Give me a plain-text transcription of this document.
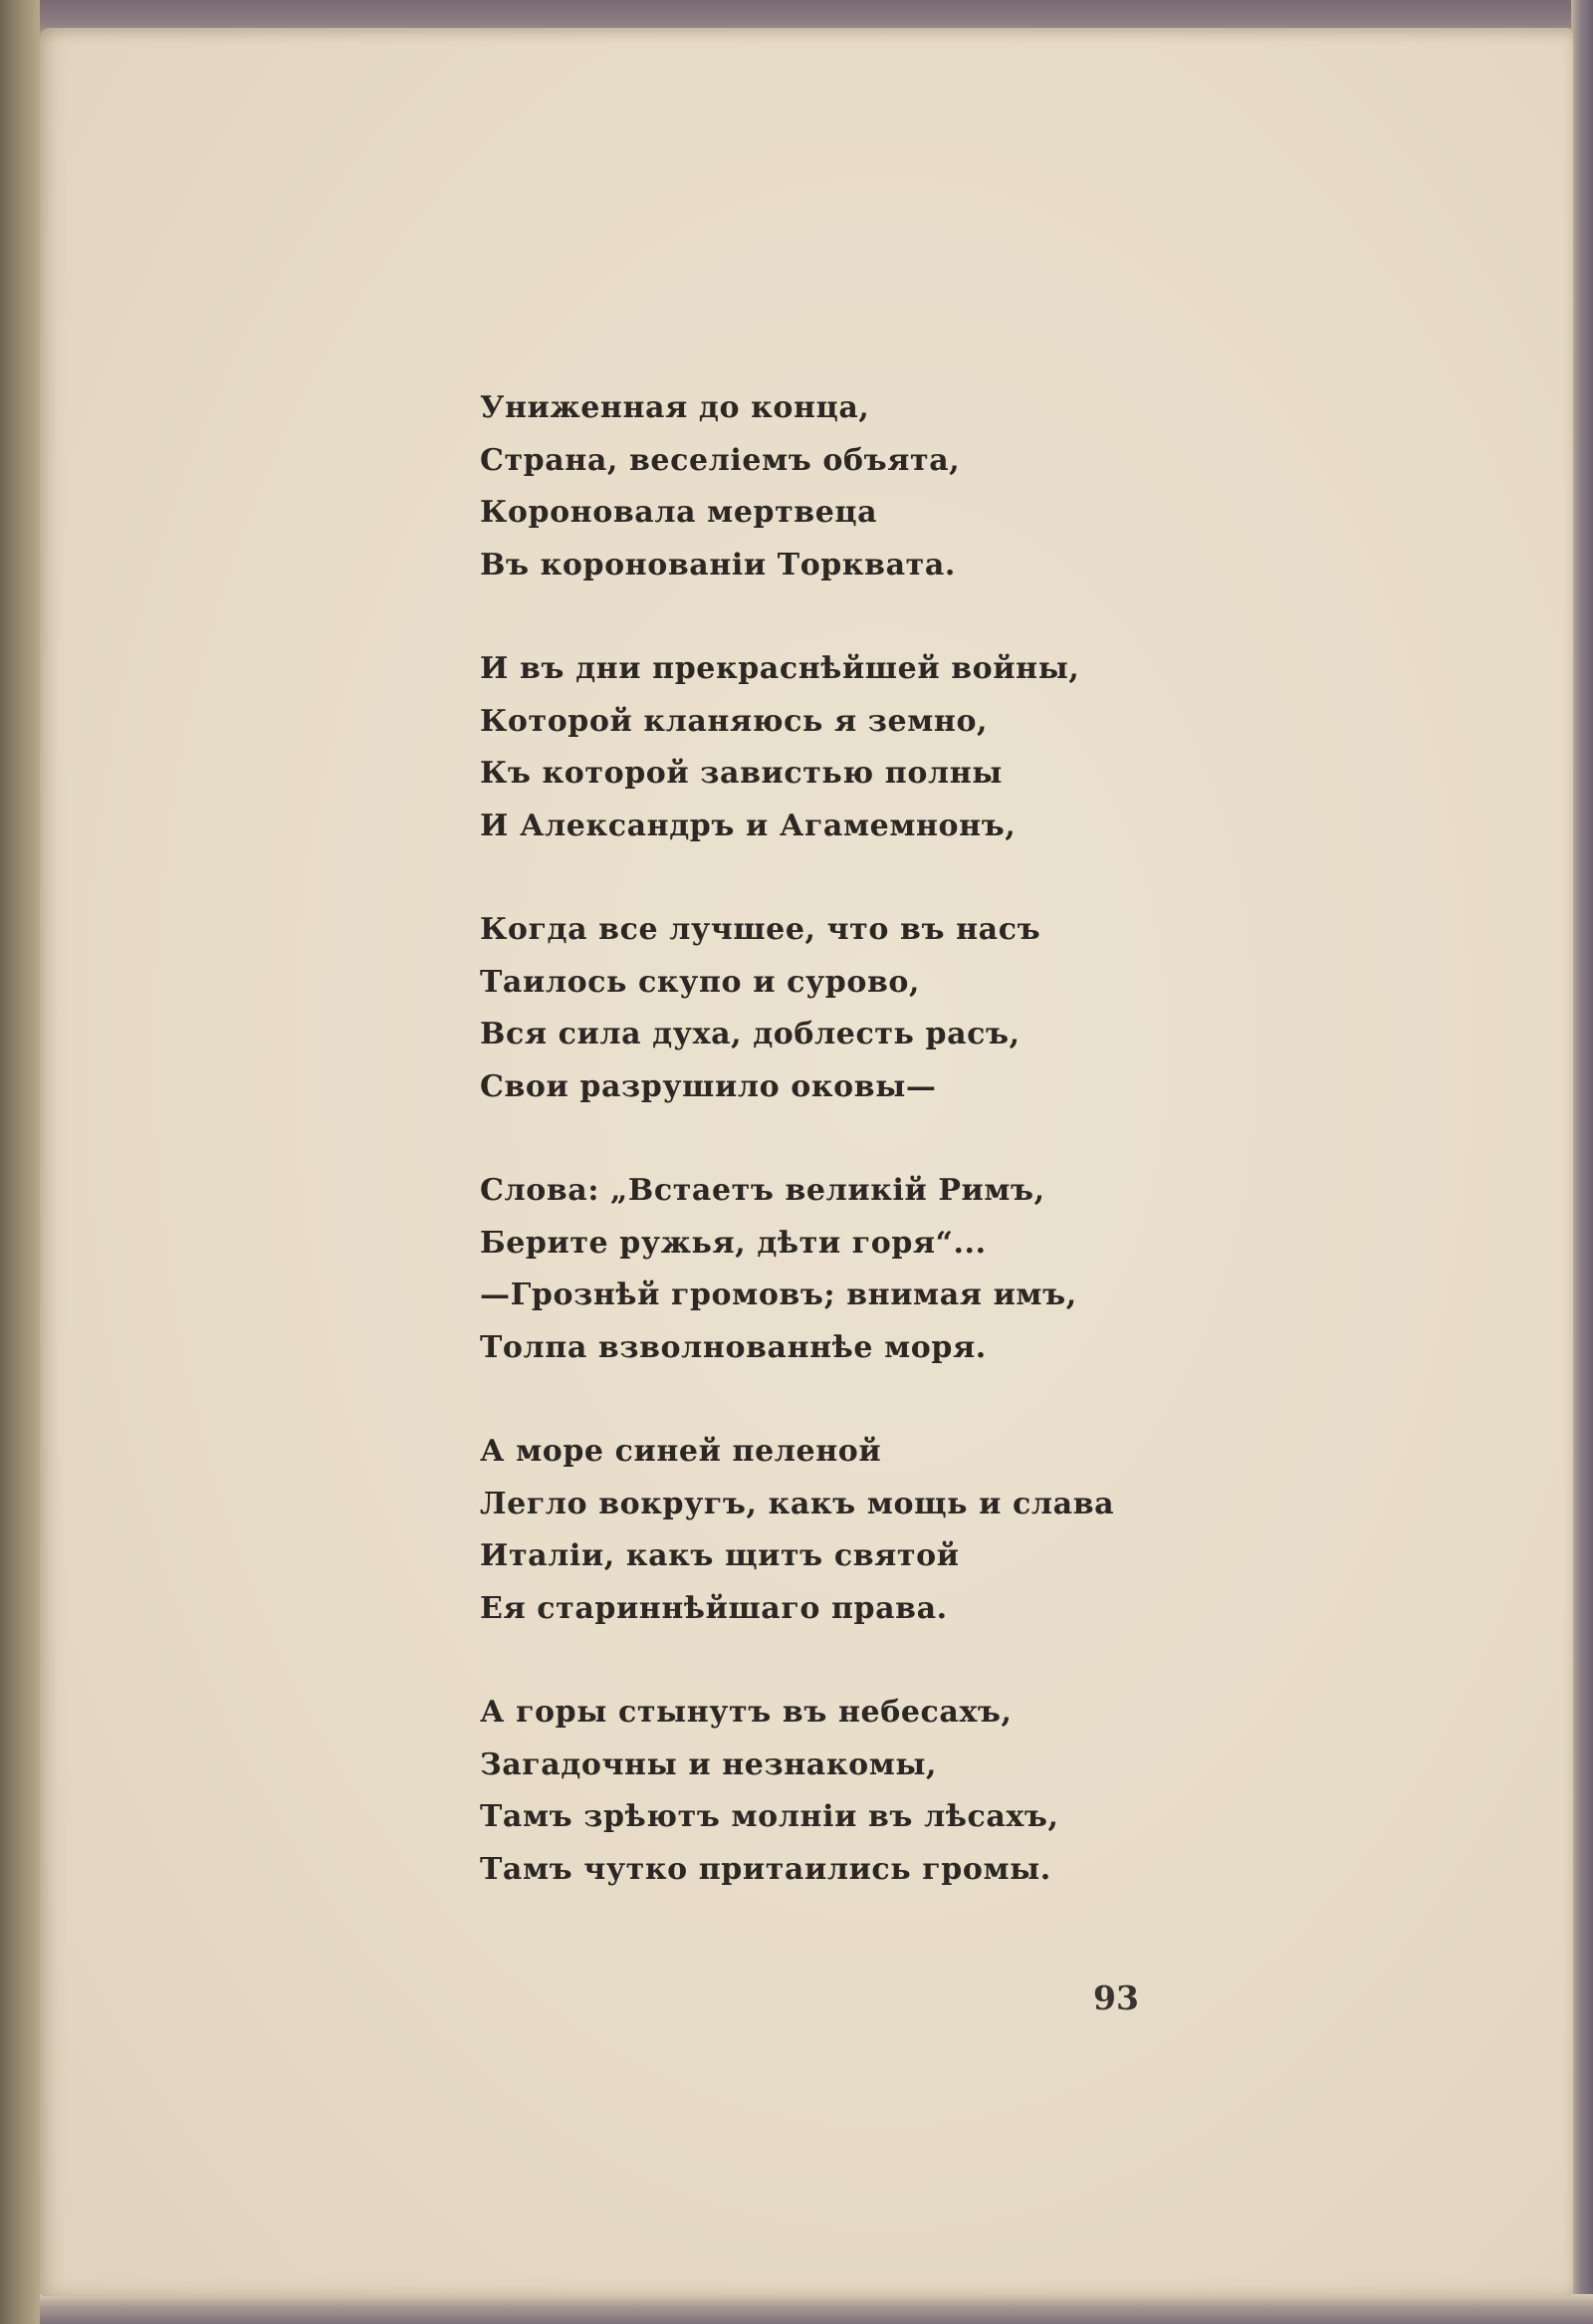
Униженная до конца,
Страна, веселіемъ объята,
Короновала мертвеца
Въ коронованіи Торквата.
И въ дни прекраснѣйшей войны,
Которой кланяюсь я земно,
Къ которой завистью полны
И Александръ и Агамемнонъ,
Когда все лучшее, что въ насъ
Таилось скупо и сурово,
Вся сила духа, доблесть расъ,
Свои разрушило оковы—
Слова: „Встаетъ великій Римъ,
Берите ружья, дѣти горя“...
—Грознѣй громовъ; внимая имъ,
Толпа взволнованнѣе моря.
А море синей пеленой
Легло вокругъ, какъ мощь и слава
Италіи, какъ щитъ святой
Ея стариннѣйшаго права.
А горы стынутъ въ небесахъ,
Загадочны и незнакомы,
Тамъ зрѣютъ молніи въ лѣсахъ,
Тамъ чутко притаились громы.
93
